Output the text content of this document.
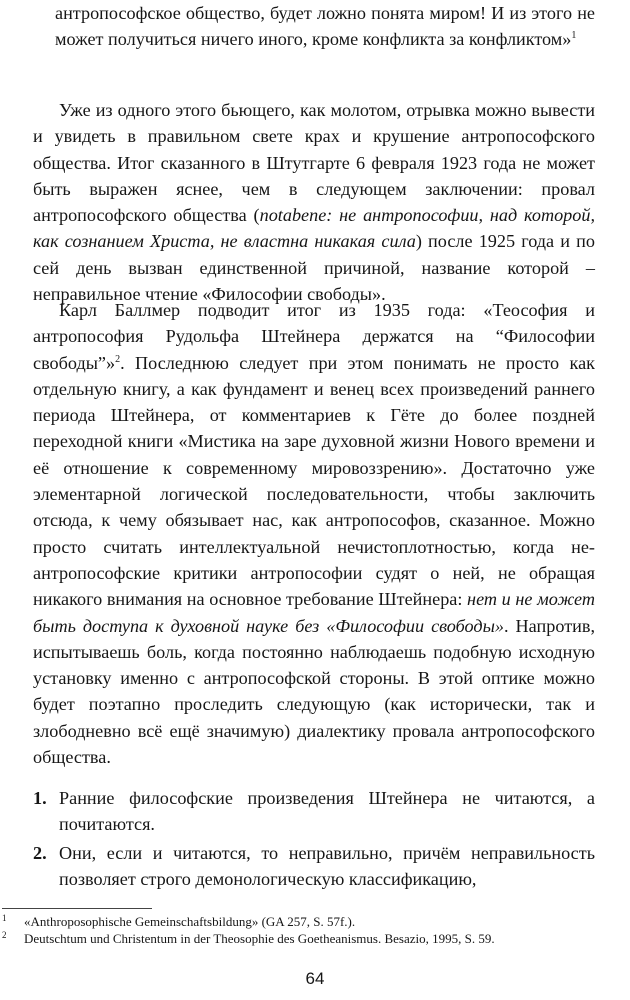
антропософское общество, будет ложно понята миром! И из этого не может получиться ничего иного, кроме конфликта за конфликтом»$^1$
Уже из одного этого бьющего, как молотом, отрывка можно вывести и увидеть в правильном свете крах и крушение антропософского общества. Итог сказанного в Штутгарте 6 февраля 1923 года не может быть выражен яснее, чем в следующем заключении: провал антропософского общества (notabene: не антропософии, над которой, как сознанием Христа, не властна никакая сила) после 1925 года и по сей день вызван единственной причиной, название которой – неправильное чтение «Философии свободы».
Карл Баллмер подводит итог из 1935 года: «Теософия и антропософия Рудольфа Штейнера держатся на “Философии свободы”»$^2$. Последнюю следует при этом понимать не просто как отдельную книгу, а как фундамент и венец всех произведений раннего периода Штейнера, от комментариев к Гёте до более поздней переходной книги «Мистика на заре духовной жизни Нового времени и её отношение к современному мировоззрению». Достаточно уже элементарной логической последовательности, чтобы заключить отсюда, к чему обязывает нас, как антропософов, сказанное. Можно просто считать интеллектуальной нечистоплотностью, когда не-антропософские критики антропософии судят о ней, не обращая никакого внимания на основное требование Штейнера: нет и не может быть доступа к духовной науке без «Философии свободы». Напротив, испытываешь боль, когда постоянно наблюдаешь подобную исходную установку именно с антропософской стороны. В этой оптике можно будет поэтапно проследить следующую (как исторически, так и злободневно всё ещё значимую) диалектику провала антропософского общества.
1. Ранние философские произведения Штейнера не читаются, а почитаются.
2. Они, если и читаются, то неправильно, причём неправильность позволяет строго демонологическую классификацию,
1 «Anthroposophische Gemeinschaftsbildung» (GA 257, S. 57f.).
2 Deutschtum und Christentum in der Theosophie des Goetheanismus. Besazio, 1995, S. 59.
64
